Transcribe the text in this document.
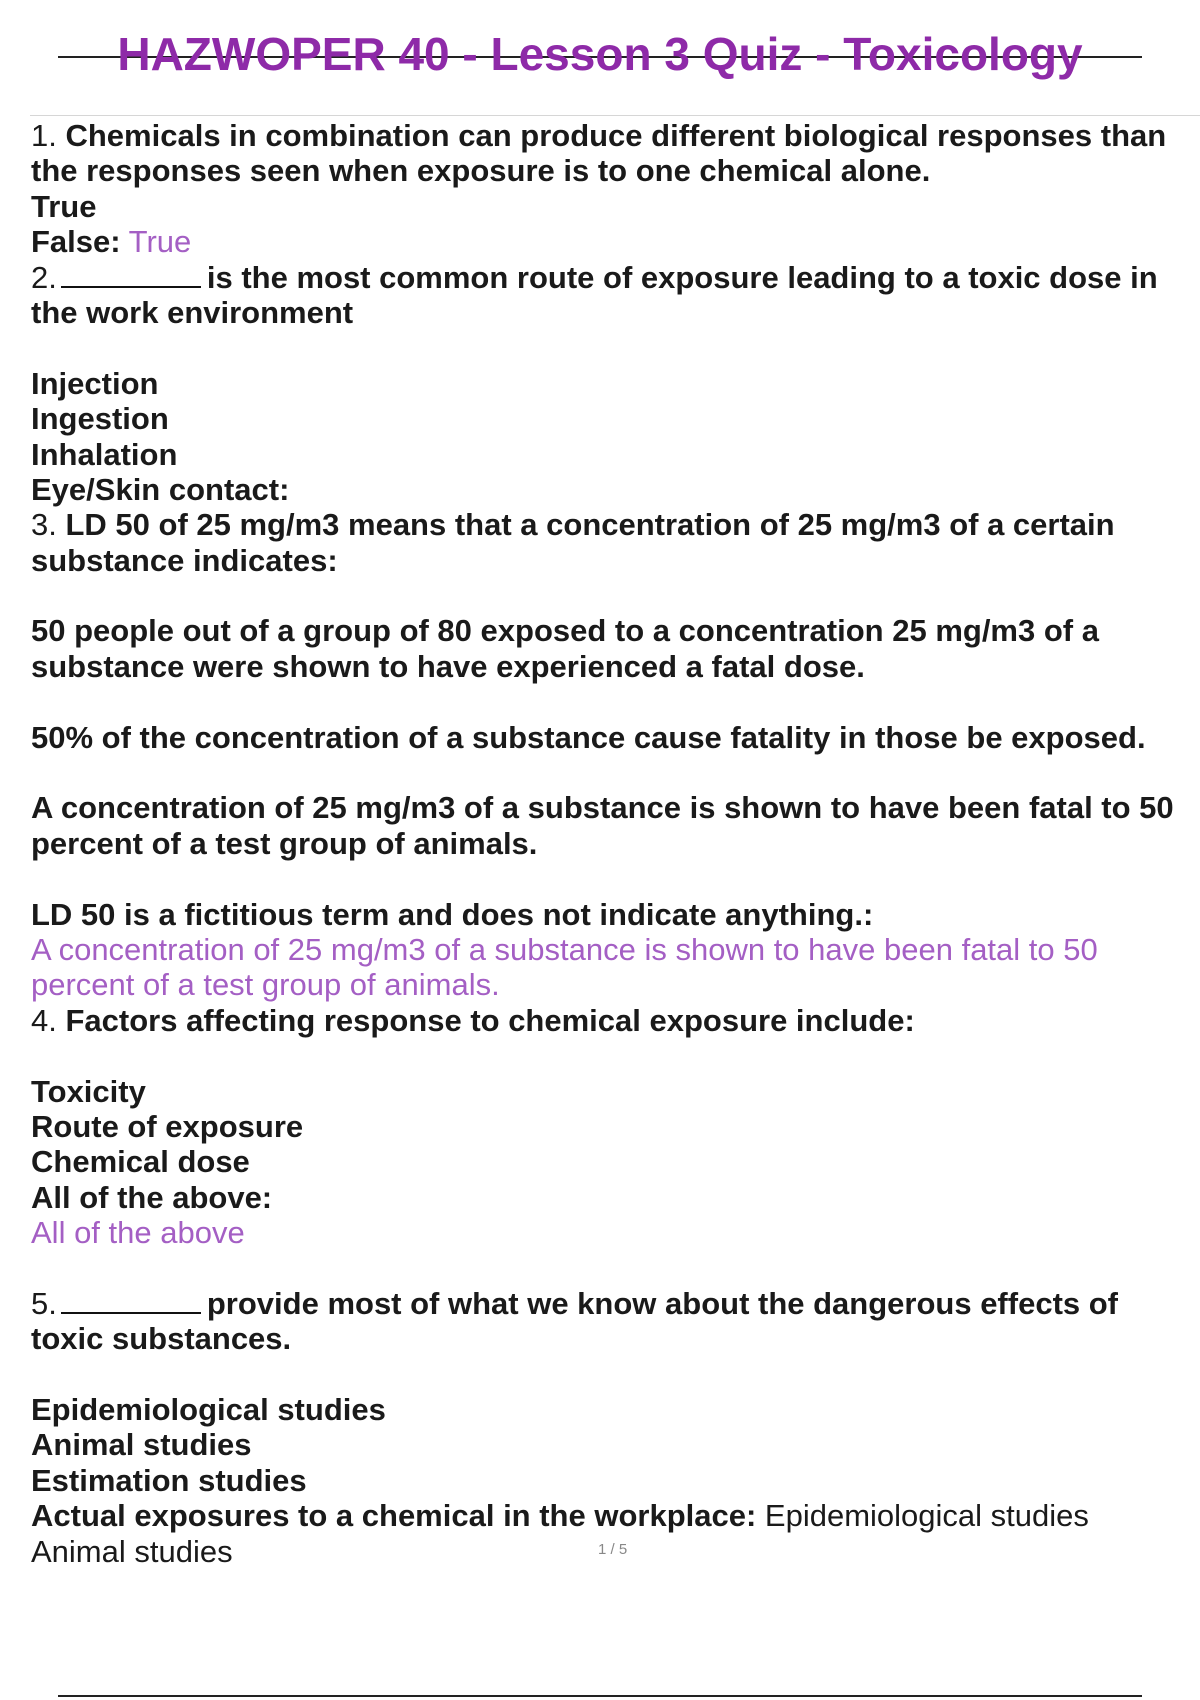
HAZWOPER 40 - Lesson 3 Quiz - Toxicology
1. Chemicals in combination can produce different biological responses than
the responses seen when exposure is to one chemical alone.
True
False: True
2.	is the most common route of exposure leading to a toxic dose in
the work environment
Injection
Ingestion
Inhalation
Eye/Skin contact:
3. LD 50 of 25 mg/m3 means that a concentration of 25 mg/m3 of a certain
substance indicates:
50 people out of a group of 80 exposed to a concentration 25 mg/m3 of a
substance were shown to have experienced a fatal dose.
50% of the concentration of a substance cause fatality in those be exposed.
A concentration of 25 mg/m3 of a substance is shown to have been fatal to 50
percent of a test group of animals.
LD 50 is a fictitious term and does not indicate anything.:
A concentration of 25 mg/m3 of a substance is shown to have been fatal to 50
percent of a test group of animals.
4. Factors affecting response to chemical exposure include:
Toxicity
Route of exposure
Chemical dose
All of the above:
All of the above
5.	provide most of what we know about the dangerous effects of
toxic substances.
Epidemiological studies
Animal studies
Estimation studies
Actual exposures to a chemical in the workplace: Epidemiological studies
Animal studies	1 / 5
